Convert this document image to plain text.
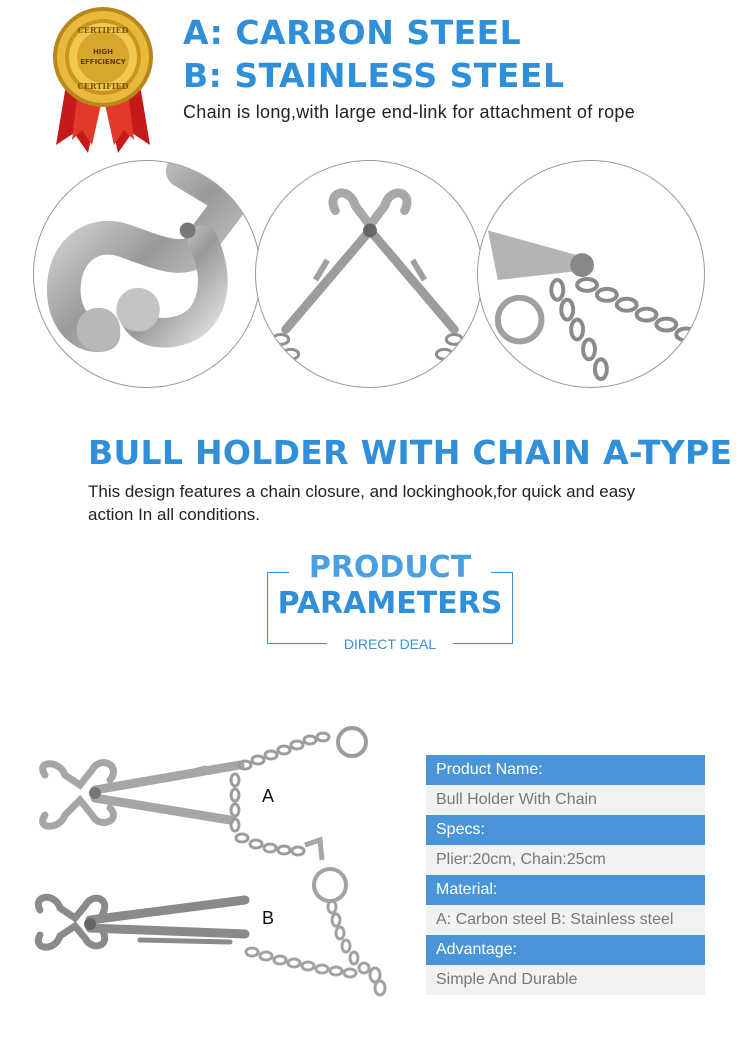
CERTIFIED
HIGH
EFFICIENCY
CERTIFIED
A: CARBON STEEL
B: STAINLESS STEEL
Chain is long,with large end-link for attachment of rope
BULL HOLDER WITH CHAIN A-TYPE
This design features a chain closure, and lockinghook,for quick and easy action In all conditions.
PRODUCT
PARAMETERS
DIRECT DEAL
A
B
Product Name:
Bull Holder With Chain
Specs:
Plier:20cm, Chain:25cm
Material:
A: Carbon steel B: Stainless steel
Advantage:
Simple And Durable
